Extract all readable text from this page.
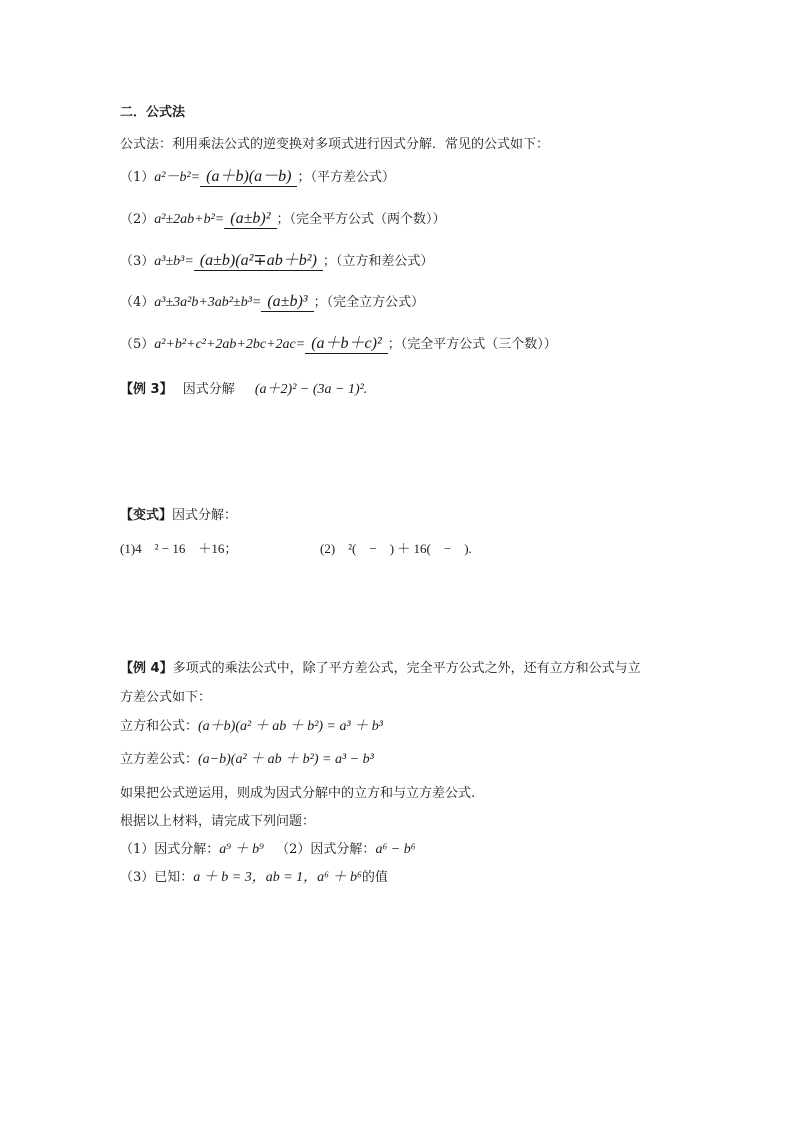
二．公式法
公式法：利用乘法公式的逆变换对多项式进行因式分解．常见的公式如下：
（1）a²－b²= (a＋b)(a－b) ；（平方差公式）
（2）a²±2ab+b²= (a±b)² ；（完全平方公式（两个数））
（3）a³±b³= (a±b)(a²∓ab＋b²) ；（立方和差公式）
（4）a³±3a²b+3ab²±b³= (a±b)³ ；（完全立方公式）
（5）a²+b²+c²+2ab+2bc+2ac= (a＋b＋c)² ；（完全平方公式（三个数））
【例 3】 因式分解 (a＋2)² − (3a − 1)².
【变式】因式分解：
(1)4　² − 16　＋16；	(2)　²(　−　) ＋ 16(　−　).
【例 4】多项式的乘法公式中，除了平方差公式，完全平方公式之外，还有立方和公式与立
方差公式如下：
立方和公式：(a＋b)(a² ＋ ab ＋ b²) = a³ ＋ b³
立方差公式：(a−b)(a² ＋ ab ＋ b²) = a³ − b³
如果把公式逆运用，则成为因式分解中的立方和与立方差公式.
根据以上材料，请完成下列问题：
（1）因式分解：a⁹ ＋ b⁹ （2）因式分解：a⁶ − b⁶
（3）已知：a ＋ b = 3，ab = 1，a⁶ ＋ b⁶的值
